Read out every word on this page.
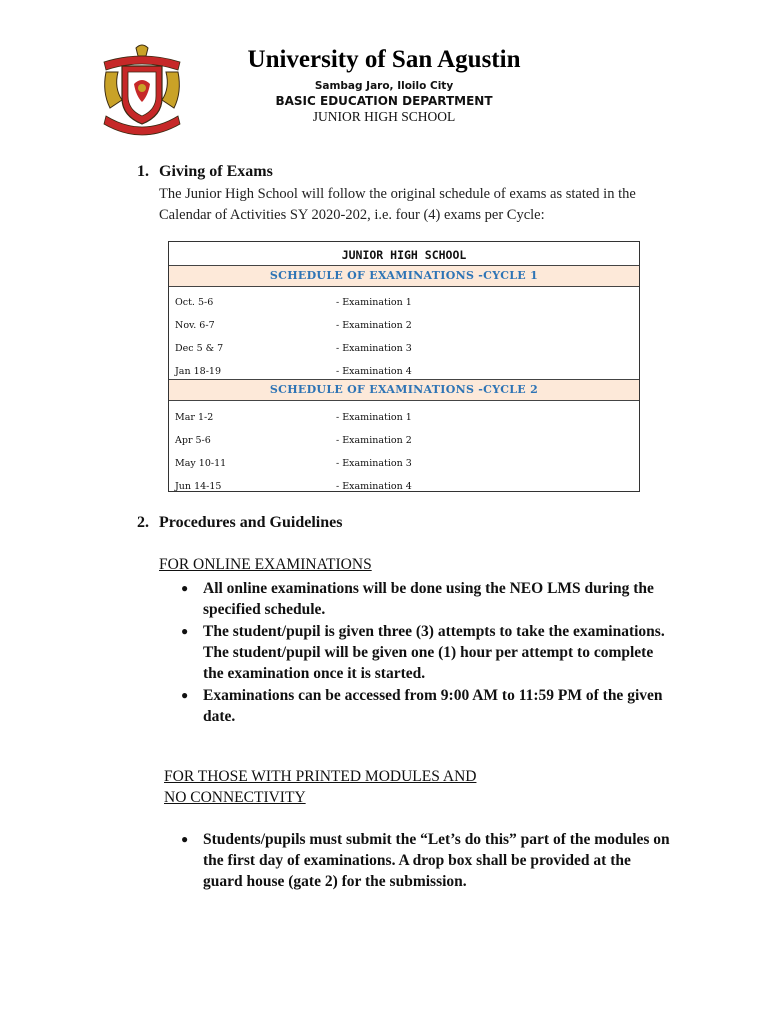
University of San Agustin
Sambag Jaro, Iloilo City
BASIC EDUCATION DEPARTMENT
JUNIOR HIGH SCHOOL
1. Giving of Exams
The Junior High School will follow the original schedule of exams as stated in the Calendar of Activities SY 2020-202, i.e. four (4) exams per Cycle:
JUNIOR HIGH SCHOOL
SCHEDULE OF EXAMINATIONS -CYCLE 1
Oct. 5-6	- Examination 1
Nov. 6-7	- Examination 2
Dec 5 & 7	- Examination 3
Jan 18-19	- Examination 4
SCHEDULE OF EXAMINATIONS -CYCLE 2
Mar 1-2	- Examination 1
Apr 5-6	- Examination 2
May 10-11	- Examination 3
Jun 14-15	- Examination 4
2. Procedures and Guidelines
FOR ONLINE EXAMINATIONS
● All online examinations will be done using the NEO LMS during the specified schedule.
● The student/pupil is given three (3) attempts to take the examinations. The student/pupil will be given one (1) hour per attempt to complete the examination once it is started.
● Examinations can be accessed from 9:00 AM to 11:59 PM of the given date.
FOR THOSE WITH PRINTED MODULES AND
NO CONNECTIVITY
● Students/pupils must submit the “Let’s do this” part of the modules on the first day of examinations. A drop box shall be provided at the guard house (gate 2) for the submission.
